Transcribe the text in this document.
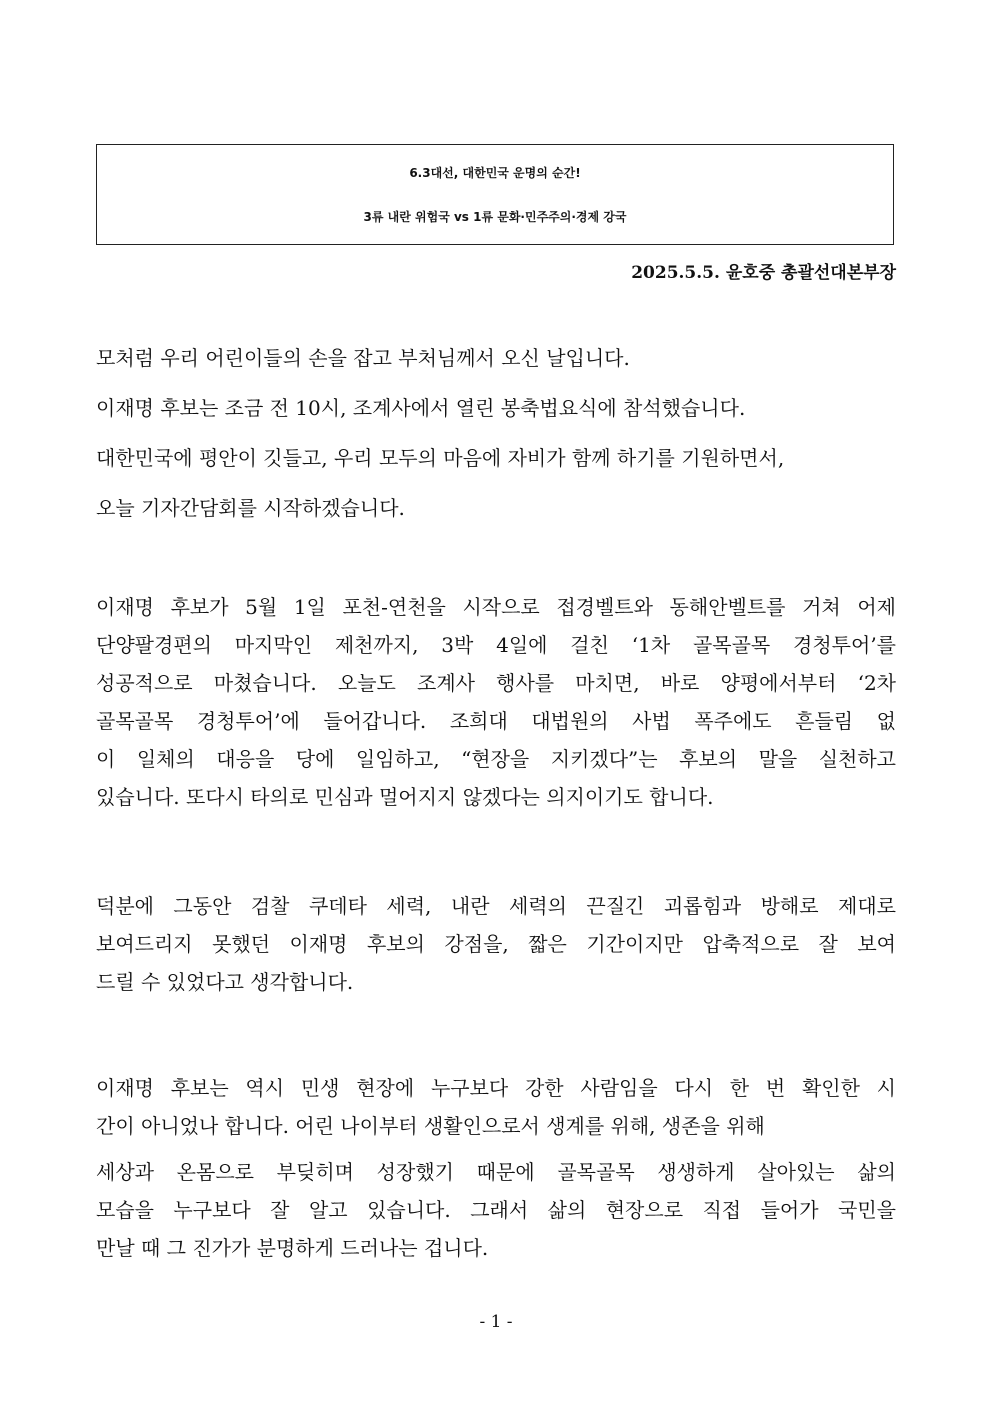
6.3대선, 대한민국 운명의 순간!
3류 내란 위험국 vs 1류 문화·민주주의·경제 강국
2025.5.5. 윤호중 총괄선대본부장
모처럼 우리 어린이들의 손을 잡고 부처님께서 오신 날입니다.
이재명 후보는 조금 전 10시, 조계사에서 열린 봉축법요식에 참석했습니다.
대한민국에 평안이 깃들고, 우리 모두의 마음에 자비가 함께 하기를 기원하면서,
오늘 기자간담회를 시작하겠습니다.
이재명 후보가 5월 1일 포천-연천을 시작으로 접경벨트와 동해안벨트를 거쳐 어제
단양팔경편의 마지막인 제천까지, 3박 4일에 걸친 ‘1차 골목골목 경청투어’를
성공적으로 마쳤습니다. 오늘도 조계사 행사를 마치면, 바로 양평에서부터 ‘2차
골목골목 경청투어’에 들어갑니다. 조희대 대법원의 사법 폭주에도 흔들림 없
이 일체의 대응을 당에 일임하고, “현장을 지키겠다”는 후보의 말을 실천하고
있습니다. 또다시 타의로 민심과 멀어지지 않겠다는 의지이기도 합니다.
덕분에 그동안 검찰 쿠데타 세력, 내란 세력의 끈질긴 괴롭힘과 방해로 제대로
보여드리지 못했던 이재명 후보의 강점을, 짧은 기간이지만 압축적으로 잘 보여
드릴 수 있었다고 생각합니다.
이재명 후보는 역시 민생 현장에 누구보다 강한 사람임을 다시 한 번 확인한 시
간이 아니었나 합니다. 어린 나이부터 생활인으로서 생계를 위해, 생존을 위해
세상과 온몸으로 부딪히며 성장했기 때문에 골목골목 생생하게 살아있는 삶의
모습을 누구보다 잘 알고 있습니다. 그래서 삶의 현장으로 직접 들어가 국민을
만날 때 그 진가가 분명하게 드러나는 겁니다.
- 1 -
